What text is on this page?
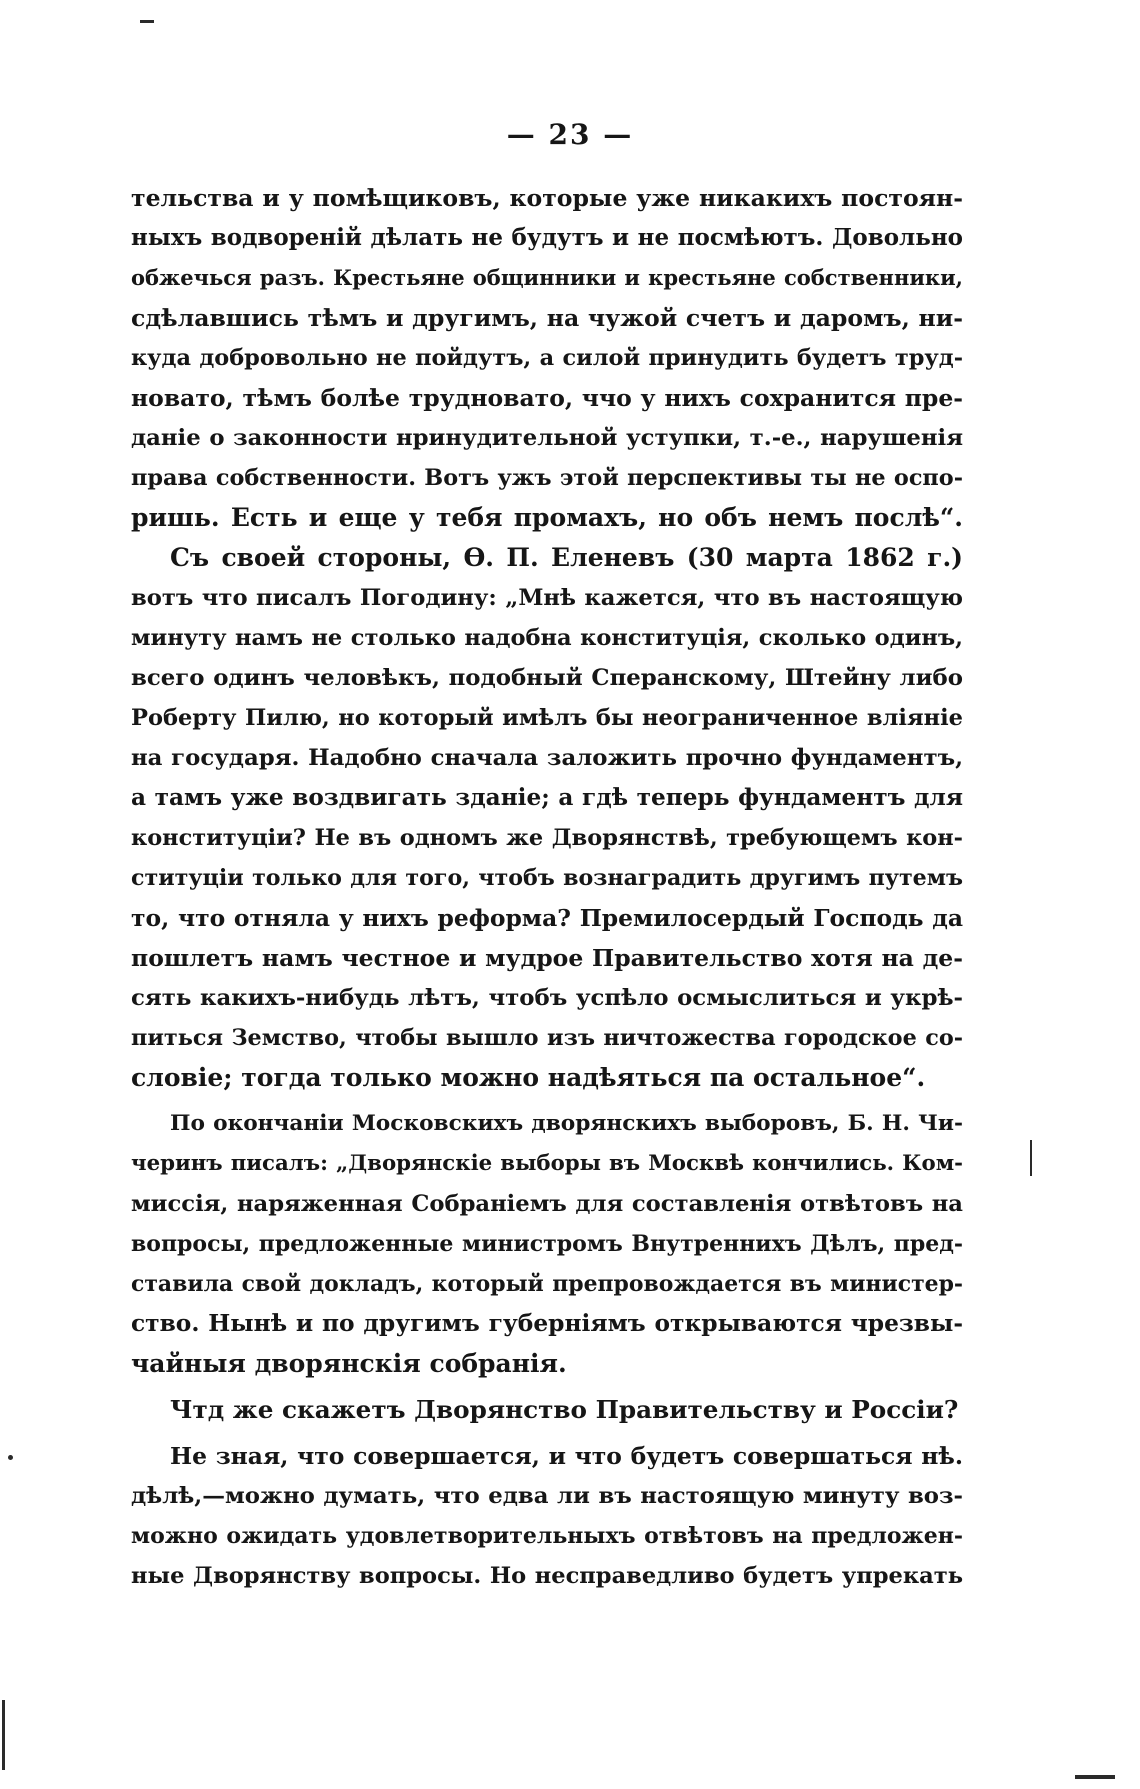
— 23 —
тельства и у помѣщиковъ, которые уже никакихъ постоян-
ныхъ водвореній дѣлать не будутъ и не посмѣютъ. Довольно
обжечься разъ. Крестьяне общинники и крестьяне собственники,
сдѣлавшись тѣмъ и другимъ, на чужой счетъ и даромъ, ни-
куда добровольно не пойдутъ, а силой принудить будетъ труд-
новато, тѣмъ болѣе трудновато, ччо у нихъ сохранится пре-
даніе о законности нринудительной уступки, т.-е., нарушенія
права собственности. Вотъ ужъ этой перспективы ты не оспо-
ришь. Есть и еще у тебя промахъ, но объ немъ послѣ“.
Съ своей стороны, Ѳ. П. Еленевъ (30 марта 1862 г.)
вотъ что писалъ Погодину: „Мнѣ кажется, что въ настоящую
минуту намъ не столько надобна конституція, сколько одинъ,
всего одинъ человѣкъ, подобный Сперанскому, Штейну либо
Роберту Пилю, но который имѣлъ бы неограниченное вліяніе
на государя. Надобно сначала заложить прочно фундаментъ,
а тамъ уже воздвигать зданіе; а гдѣ теперь фундаментъ для
конституціи? Не въ одномъ же Дворянствѣ, требующемъ кон-
ституціи только для того, чтобъ вознаградить другимъ путемъ
то, что отняла у нихъ реформа? Премилосердый Господь да
пошлетъ намъ честное и мудрое Правительство хотя на де-
сять какихъ-нибудь лѣтъ, чтобъ успѣло осмыслиться и укрѣ-
питься Земство, чтобы вышло изъ ничтожества городское со-
словіе; тогда только можно надѣяться па остальное“.
По окончаніи Московскихъ дворянскихъ выборовъ, Б. Н. Чи-
черинъ писалъ: „Дворянскіе выборы въ Москвѣ кончились. Ком-
миссія, наряженная Собраніемъ для составленія отвѣтовъ на
вопросы, предложенные министромъ Внутреннихъ Дѣлъ, пред-
ставила свой докладъ, который препровождается въ министер-
ство. Нынѣ и по другимъ губерніямъ открываются чрезвы-
чайныя дворянскія собранія.
Чтд же скажетъ Дворянство Правительству и Россіи?
Не зная, что совершается, и что будетъ совершаться нѣ.
дѣлѣ,—можно думать, что едва ли въ настоящую минуту воз-
можно ожидать удовлетворительныхъ отвѣтовъ на предложен-
ные Дворянству вопросы. Но несправедливо будетъ упрекать
